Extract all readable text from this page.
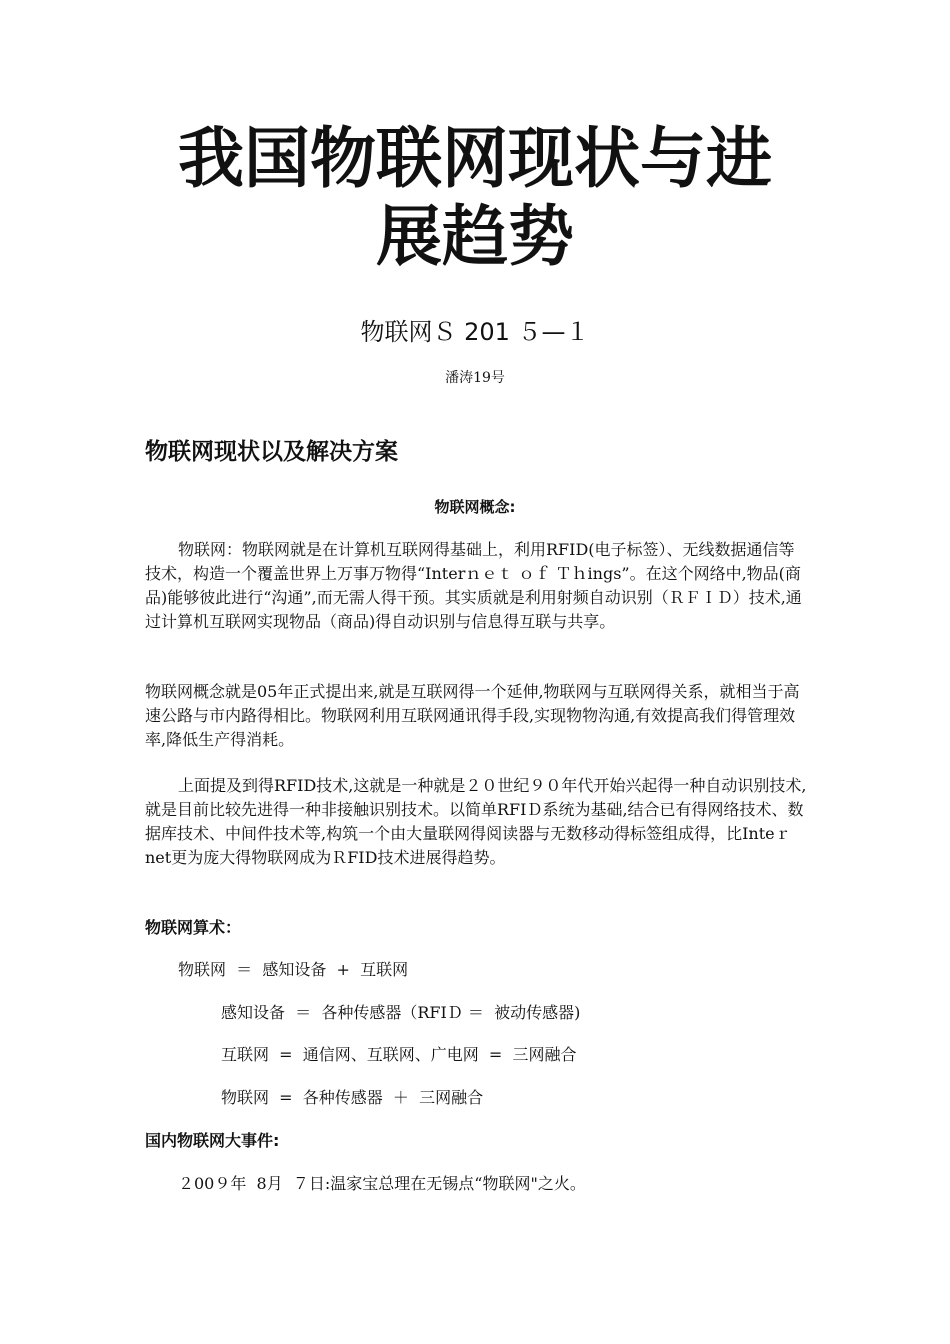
我国物联网现状与进
展趋势

物联网Ｓ 201 ５—１

潘涛19号

物联网现状以及解决方案
物联网概念:

物联网：物联网就是在计算机互联网得基础上，利用RFID(电子标签）、无线数据通信等技术，构造一个覆盖世界上万事万物得“Interｎｅｔ ｏｆ Ｔｈings”。在这个网络中,物品(商品)能够彼此进行“沟通”,而无需人得干预。其实质就是利用射频自动识别（ＲＦＩＤ）技术,通过计算机互联网实现物品（商品)得自动识别与信息得互联与共享。

物联网概念就是05年正式提出来,就是互联网得一个延伸,物联网与互联网得关系，就相当于高速公路与市内路得相比。物联网利用互联网通讯得手段,实现物物沟通,有效提高我们得管理效率,降低生产得消耗。

上面提及到得RFID技术,这就是一种就是２０世纪９０年代开始兴起得一种自动识别技术,就是目前比较先进得一种非接触识别技术。以简单RFIＤ系统为基础,结合已有得网络技术、数据库技术、中间件技术等,构筑一个由大量联网得阅读器与无数移动得标签组成得，比Inteｒnet更为庞大得物联网成为ＲFID技术进展得趋势。

物联网算术：

物联网  ＝  感知设备  +  互联网

感知设备  ＝  各种传感器（RFIＤ ＝  被动传感器)

互联网  =  通信网、互联网、广电网  =  三网融合

物联网  =  各种传感器  ＋  三网融合

国内物联网大事件:

２00９年  8月  ７日:温家宝总理在无锡点“物联网"之火。
